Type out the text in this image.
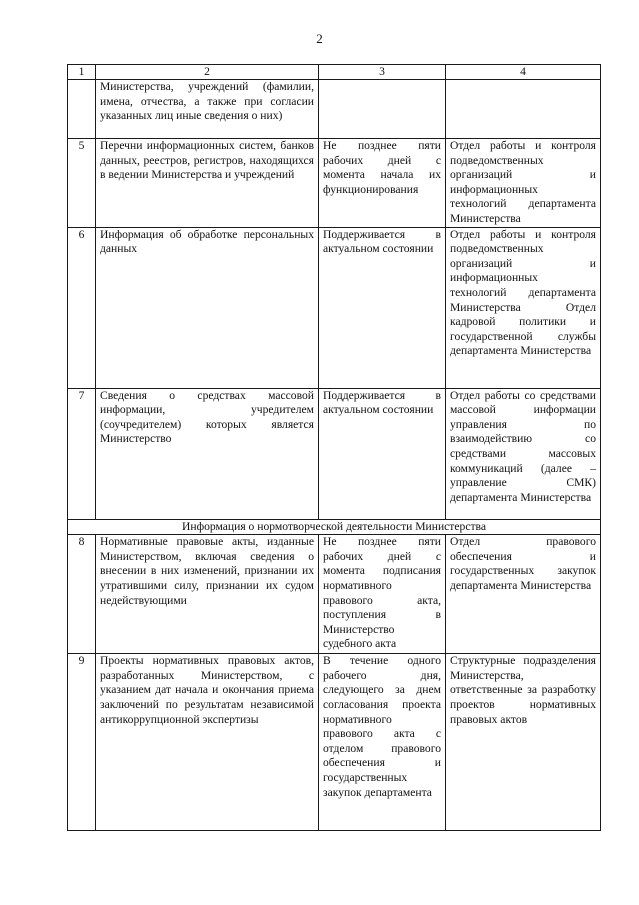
2
1	2	3	4
	Министерства, учреждений (фамилии, имена, отчества, а также при согласии указанных лиц иные сведения о них)		
5	Перечни информационных систем, банков данных, реестров, регистров, находящихся в ведении Министерства и учреждений	Не позднее пяти рабочих дней с момента начала их функционирования	Отдел работы и контроля подведомственных организаций и информационных технологий департамента Министерства
6	Информация об обработке персональных данных	Поддерживается в актуальном состоянии	Отдел работы и контроля подведомственных организаций и информационных технологий департамента Министерства Отдел кадровой политики и государственной службы департамента Министерства
7	Сведения о средствах массовой информации, учредителем (соучредителем) которых является Министерство	Поддерживается в актуальном состоянии	Отдел работы со средствами массовой информации управления по взаимодействию со средствами массовых коммуникаций (далее – управление СМК) департамента Министерства
Информация о нормотворческой деятельности Министерства			
8	Нормативные правовые акты, изданные Министерством, включая сведения о внесении в них изменений, признании их утратившими силу, признании их судом недействующими	Не позднее пяти рабочих дней с момента подписания нормативного правового акта, поступления в Министерство судебного акта	Отдел правового обеспечения и государственных закупок департамента Министерства
9	Проекты нормативных правовых актов, разработанных Министерством, с указанием дат начала и окончания приема заключений по результатам независимой антикоррупционной экспертизы	В течение одного рабочего дня, следующего за днем согласования проекта нормативного правового акта с отделом правового обеспечения и государственных закупок департамента	Структурные подразделения Министерства, ответственные за разработку проектов нормативных правовых актов
